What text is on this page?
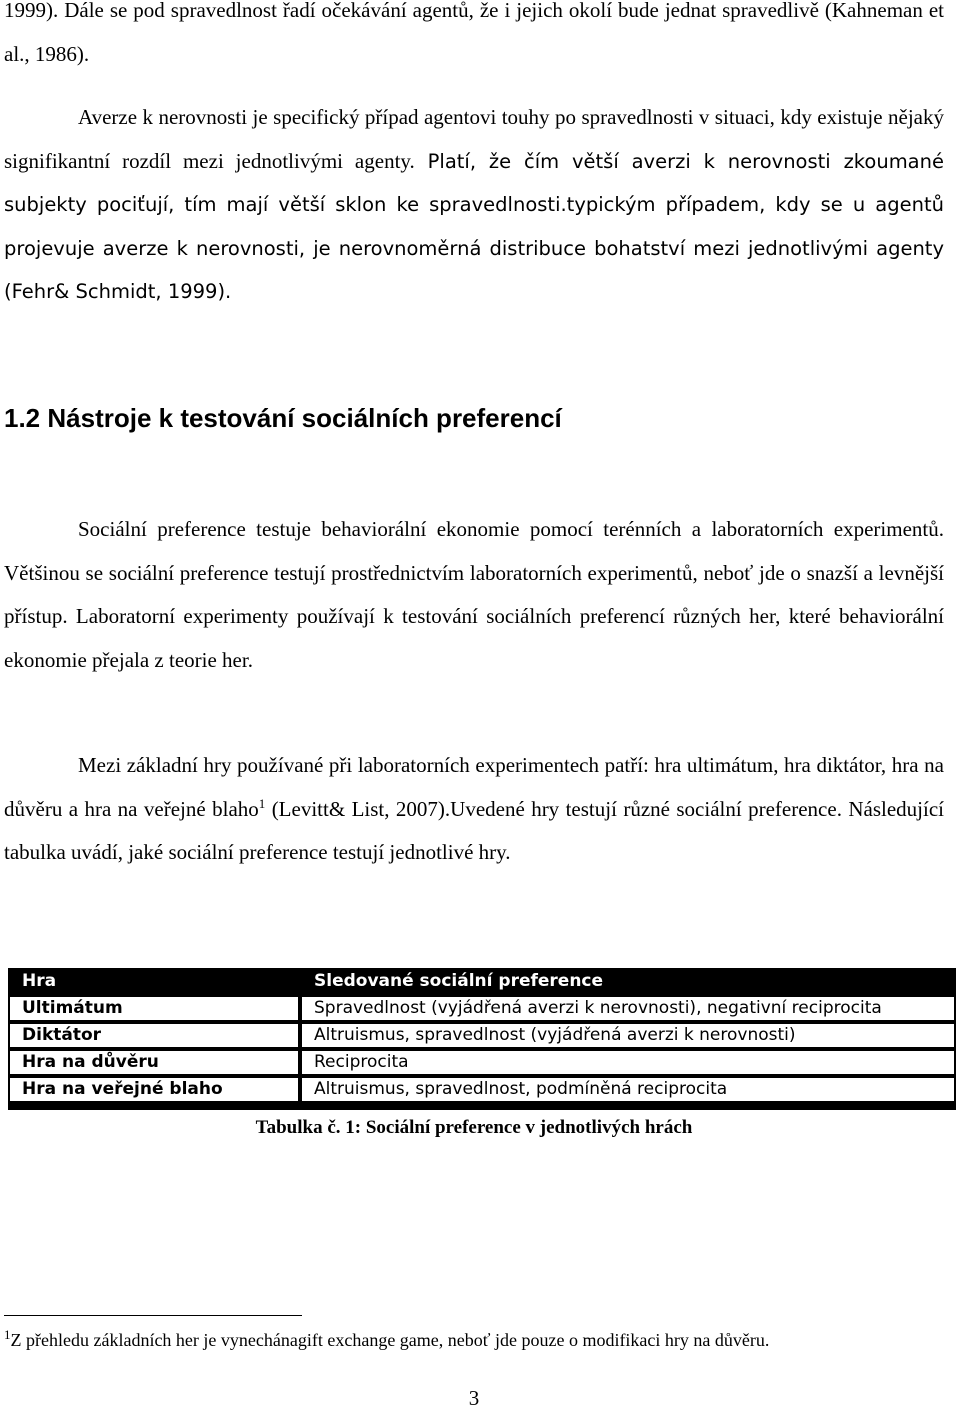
1999). Dále se pod spravedlnost řadí očekávání agentů, že i jejich okolí bude jednat spravedlivě (Kahneman et al., 1986).

Averze k nerovnosti je specifický případ agentovi touhy po spravedlnosti v situaci, kdy existuje nějaký signifikantní rozdíl mezi jednotlivými agenty. Platí, že čím větší averzi k nerovnosti zkoumané subjekty pociťují, tím mají větší sklon ke spravedlnosti.typickým případem, kdy se u agentů projevuje averze k nerovnosti, je nerovnoměrná distribuce bohatství mezi jednotlivými agenty (Fehr& Schmidt, 1999).

1.2 Nástroje k testování sociálních preferencí

Sociální preference testuje behaviorální ekonomie pomocí terénních a laboratorních experimentů. Většinou se sociální preference testují prostřednictvím laboratorních experimentů, neboť jde o snazší a levnější přístup. Laboratorní experimenty používají k testování sociálních preferencí různých her, které behaviorální ekonomie přejala z teorie her.

Mezi základní hry používané při laboratorních experimentech patří: hra ultimátum, hra diktátor, hra na důvěru a hra na veřejné blaho$^1$ (Levitt& List, 2007).Uvedené hry testují různé sociální preference. Následující tabulka uvádí, jaké sociální preference testují jednotlivé hry.

Hra		Sledované sociální preference
Ultimátum		Spravedlnost (vyjádřená averzi k nerovnosti), negativní reciprocita
Diktátor		Altruismus, spravedlnost (vyjádřená averzi k nerovnosti)
Hra na důvěru		Reciprocita
Hra na veřejné blaho		Altruismus, spravedlnost, podmíněná reciprocita

Tabulka č. 1: Sociální preference v jednotlivých hrách

$^1$Z přehledu základních her je vynechánagift exchange game, neboť jde pouze o modifikaci hry na důvěru.

3
